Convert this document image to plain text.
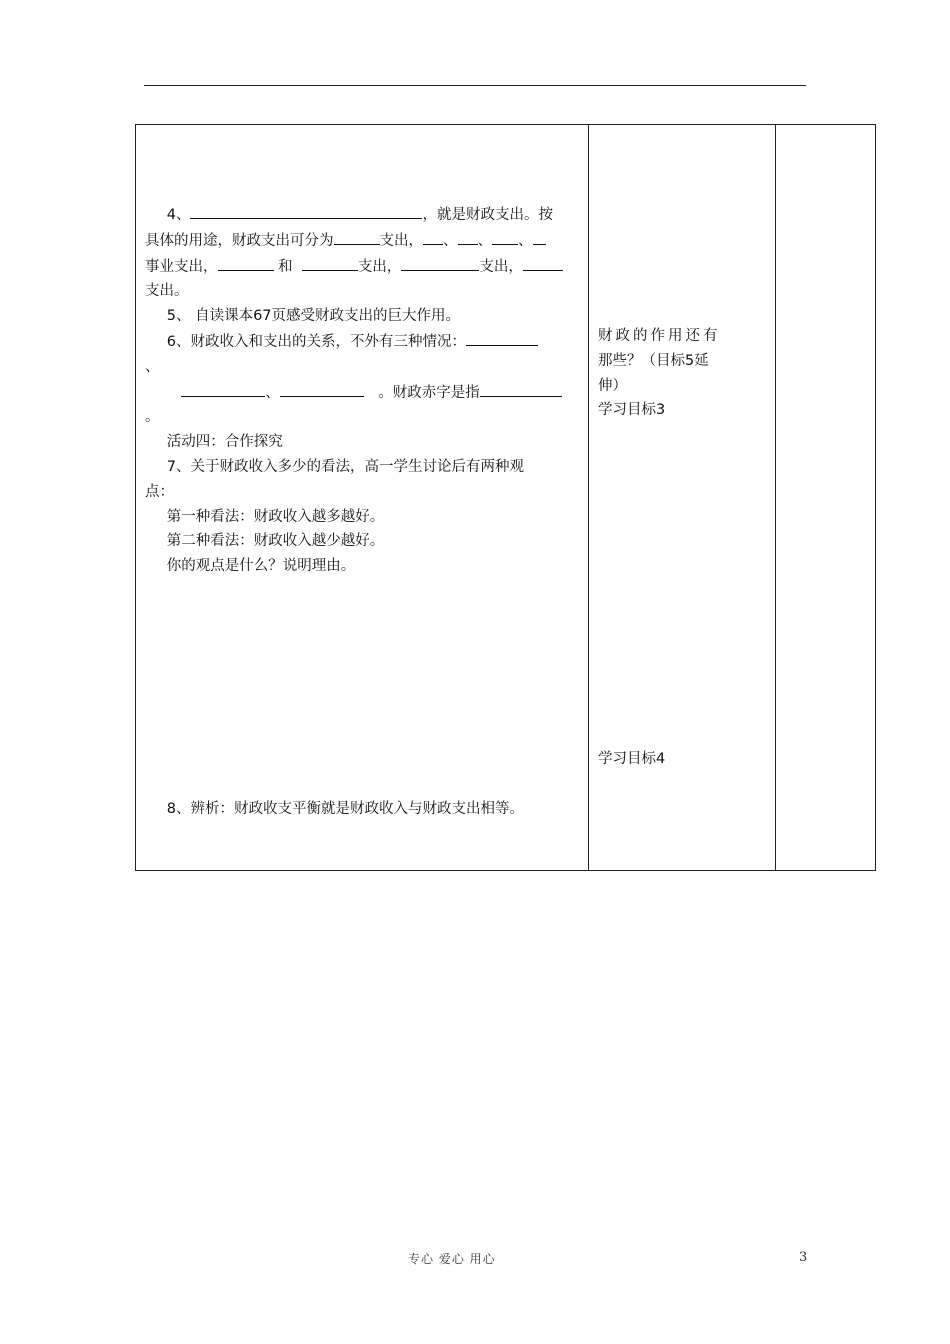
  4、	，就是财政支出。按

具体的用途，财政支出可分为	支出， 、 、 、

事业支出，	和	支出，	支出，

支出。

  5、 自读课本67页感受财政支出的巨大作用。

  6、财政收入和支出的关系，不外有三种情况：

、

   、 	。财政赤字是指

。

  活动四：合作探究

  7、关于财政收入多少的看法，高一学生讨论后有两种观

点：

  第一种看法：财政收入越多越好。

  第二种看法：财政收入越少越好。

  你的观点是什么？说明理由。

  8、辨析：财政收支平衡就是财政收入与财政支出相等。

财政的作用还有

那些？（目标5延

伸）

学习目标3

学习目标4

专心 爱心 用心	3
